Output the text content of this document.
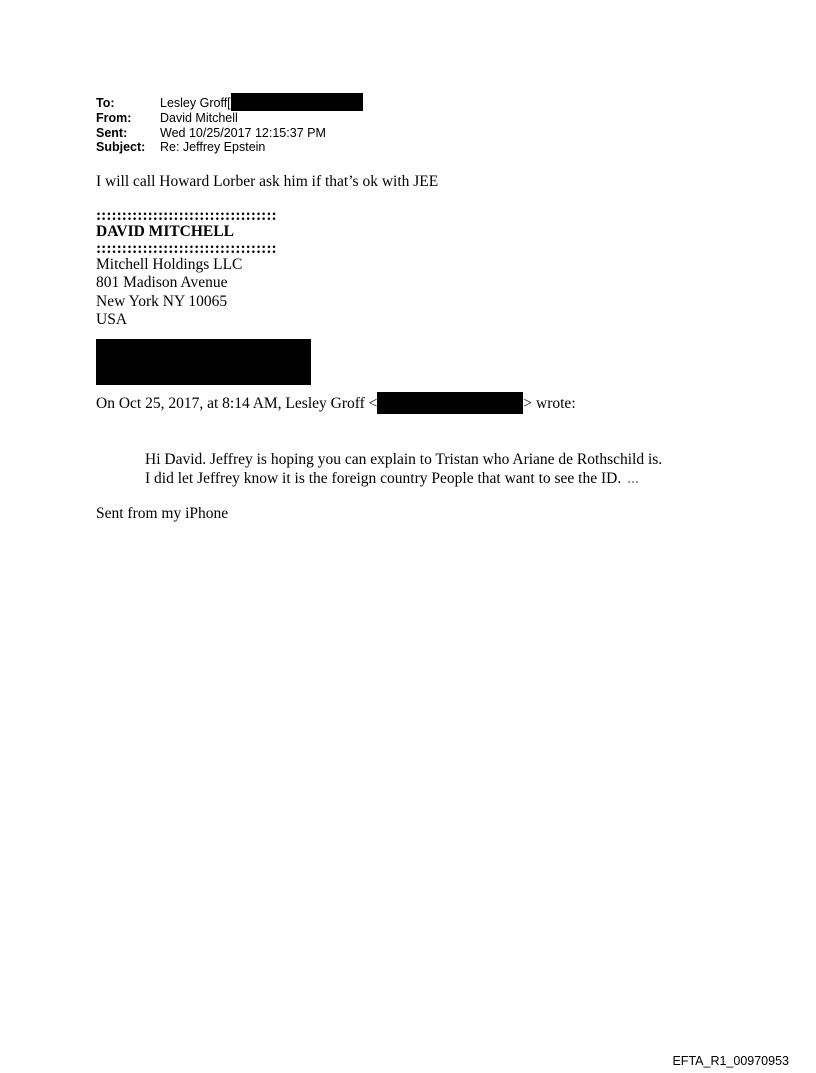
To:	Lesley Groff[
From:	David Mitchell
Sent:	Wed 10/25/2017 12:15:37 PM
Subject:	Re: Jeffrey Epstein
I will call Howard Lorber ask him if that’s ok with JEE
:::::::::::::::::::::::::::::::::::
DAVID MITCHELL
:::::::::::::::::::::::::::::::::::
Mitchell Holdings LLC
801 Madison Avenue
New York NY 10065
USA
On Oct 25, 2017, at 8:14 AM, Lesley Groff <	> wrote:
Hi David. Jeffrey is hoping you can explain to Tristan who Ariane de Rothschild is.
I did let Jeffrey know it is the foreign country People that want to see the ID. ...
Sent from my iPhone
EFTA_R1_00970953
